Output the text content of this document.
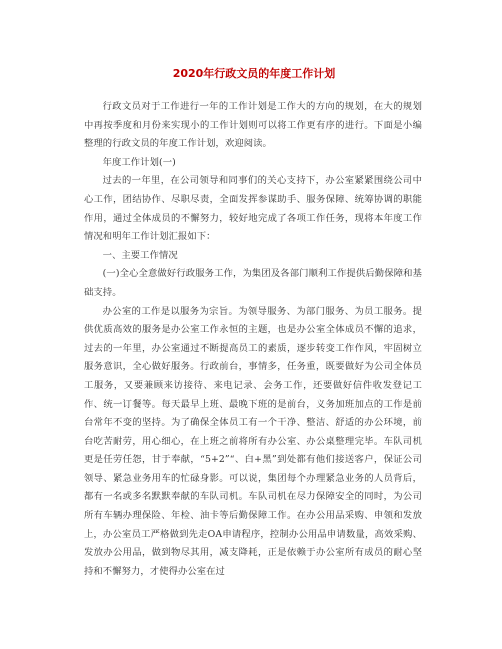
2020年行政文员的年度工作计划

行政文员对于工作进行一年的工作计划是工作大的方向的规划，在大的规划中再按季度和月份来实现小的工作计划则可以将工作更有序的进行。下面是小编整理的行政文员的年度工作计划，欢迎阅读。

年度工作计划(一)

过去的一年里，在公司领导和同事们的关心支持下，办公室紧紧围绕公司中心工作，团结协作、尽职尽责，全面发挥参谋助手、服务保障、统筹协调的职能作用，通过全体成员的不懈努力，较好地完成了各项工作任务，现将本年度工作情况和明年工作计划汇报如下：

一、主要工作情况

(一)全心全意做好行政服务工作，为集团及各部门顺利工作提供后勤保障和基础支持。

办公室的工作是以服务为宗旨。为领导服务、为部门服务、为员工服务。提供优质高效的服务是办公室工作永恒的主题，也是办公室全体成员不懈的追求，过去的一年里，办公室通过不断提高员工的素质，逐步转变工作作风，牢固树立服务意识，全心做好服务。行政前台，事情多，任务重，既要做好为公司全体员工服务，又要兼顾来访接待、来电记录、会务工作，还要做好信件收发登记工作、统一订餐等。每天最早上班、最晚下班的是前台，义务加班加点的工作是前台常年不变的坚持。为了确保全体员工有一个干净、整洁、舒适的办公环境，前台吃苦耐劳，用心细心，在上班之前将所有办公室、办公桌整理完毕。车队司机更是任劳任怨，甘于奉献，“5+2”“、白+黑”到处都有他们接送客户，保证公司领导、紧急业务用车的忙碌身影。可以说，集团每个办理紧急业务的人员背后，都有一名或多名默默奉献的车队司机。车队司机在尽力保障安全的同时，为公司所有车辆办理保险、年检、油卡等后勤保障工作。在办公用品采购、申领和发放上，办公室员工严格做到先走OA申请程序，控制办公用品申请数量，高效采购、发放办公用品，做到物尽其用，减支降耗，正是依赖于办公室所有成员的耐心坚持和不懈努力，才使得办公室在过
